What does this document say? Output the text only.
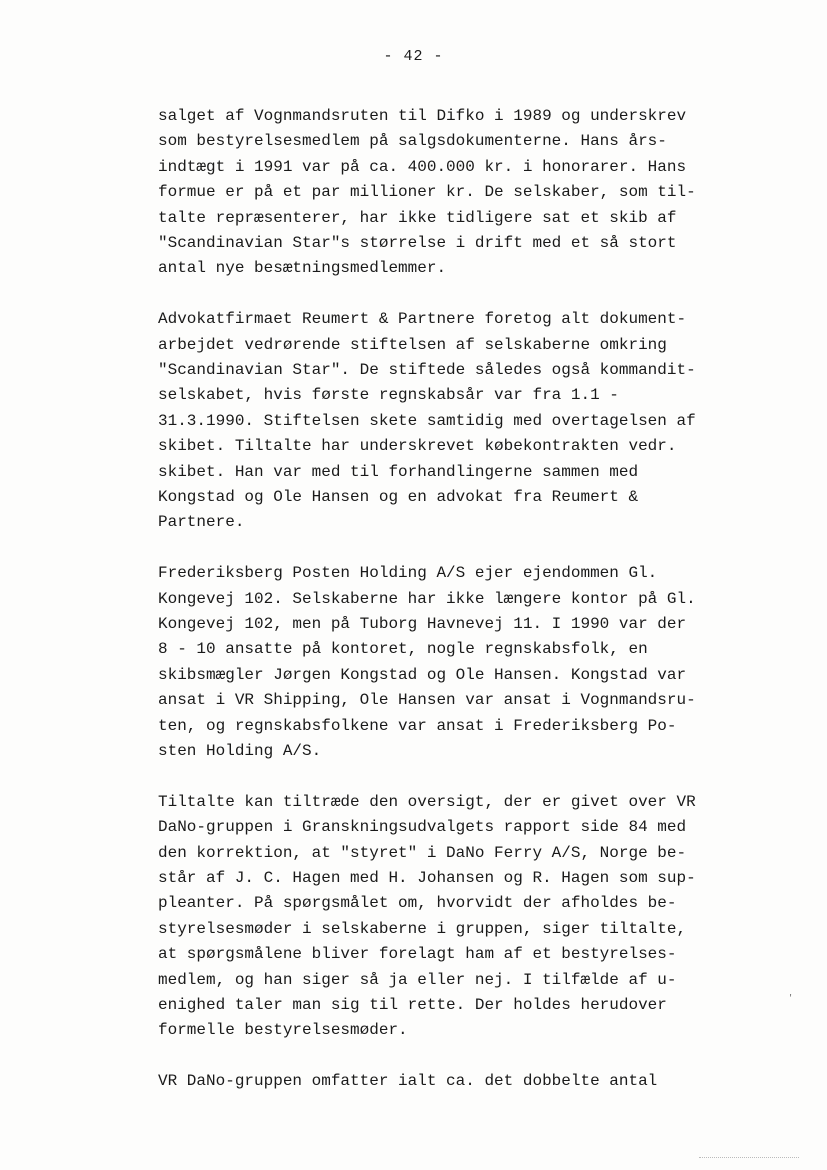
- 42 -
salget af Vognmandsruten til Difko i 1989 og underskrev
som bestyrelsesmedlem på salgsdokumenterne. Hans års-
indtægt i 1991 var på ca. 400.000 kr. i honorarer. Hans
formue er på et par millioner kr. De selskaber, som til-
talte repræsenterer, har ikke tidligere sat et skib af
"Scandinavian Star"s størrelse i drift med et så stort
antal nye besætningsmedlemmer.
Advokatfirmaet Reumert & Partnere foretog alt dokument-
arbejdet vedrørende stiftelsen af selskaberne omkring
"Scandinavian Star". De stiftede således også kommandit-
selskabet, hvis første regnskabsår var fra 1.1 -
31.3.1990. Stiftelsen skete samtidig med overtagelsen af
skibet. Tiltalte har underskrevet købekontrakten vedr.
skibet. Han var med til forhandlingerne sammen med
Kongstad og Ole Hansen og en advokat fra Reumert &
Partnere.
Frederiksberg Posten Holding A/S ejer ejendommen Gl.
Kongevej 102. Selskaberne har ikke længere kontor på Gl.
Kongevej 102, men på Tuborg Havnevej 11. I 1990 var der
8 - 10 ansatte på kontoret, nogle regnskabsfolk, en
skibsmægler Jørgen Kongstad og Ole Hansen. Kongstad var
ansat i VR Shipping, Ole Hansen var ansat i Vognmandsru-
ten, og regnskabsfolkene var ansat i Frederiksberg Po-
sten Holding A/S.
Tiltalte kan tiltræde den oversigt, der er givet over VR
DaNo-gruppen i Granskningsudvalgets rapport side 84 med
den korrektion, at "styret" i DaNo Ferry A/S, Norge be-
står af J. C. Hagen med H. Johansen og R. Hagen som sup-
pleanter. På spørgsmålet om, hvorvidt der afholdes be-
styrelsesmøder i selskaberne i gruppen, siger tiltalte,
at spørgsmålene bliver forelagt ham af et bestyrelses-
medlem, og han siger så ja eller nej. I tilfælde af u-
enighed taler man sig til rette. Der holdes herudover
formelle bestyrelsesmøder.
VR DaNo-gruppen omfatter ialt ca. det dobbelte antal
'
